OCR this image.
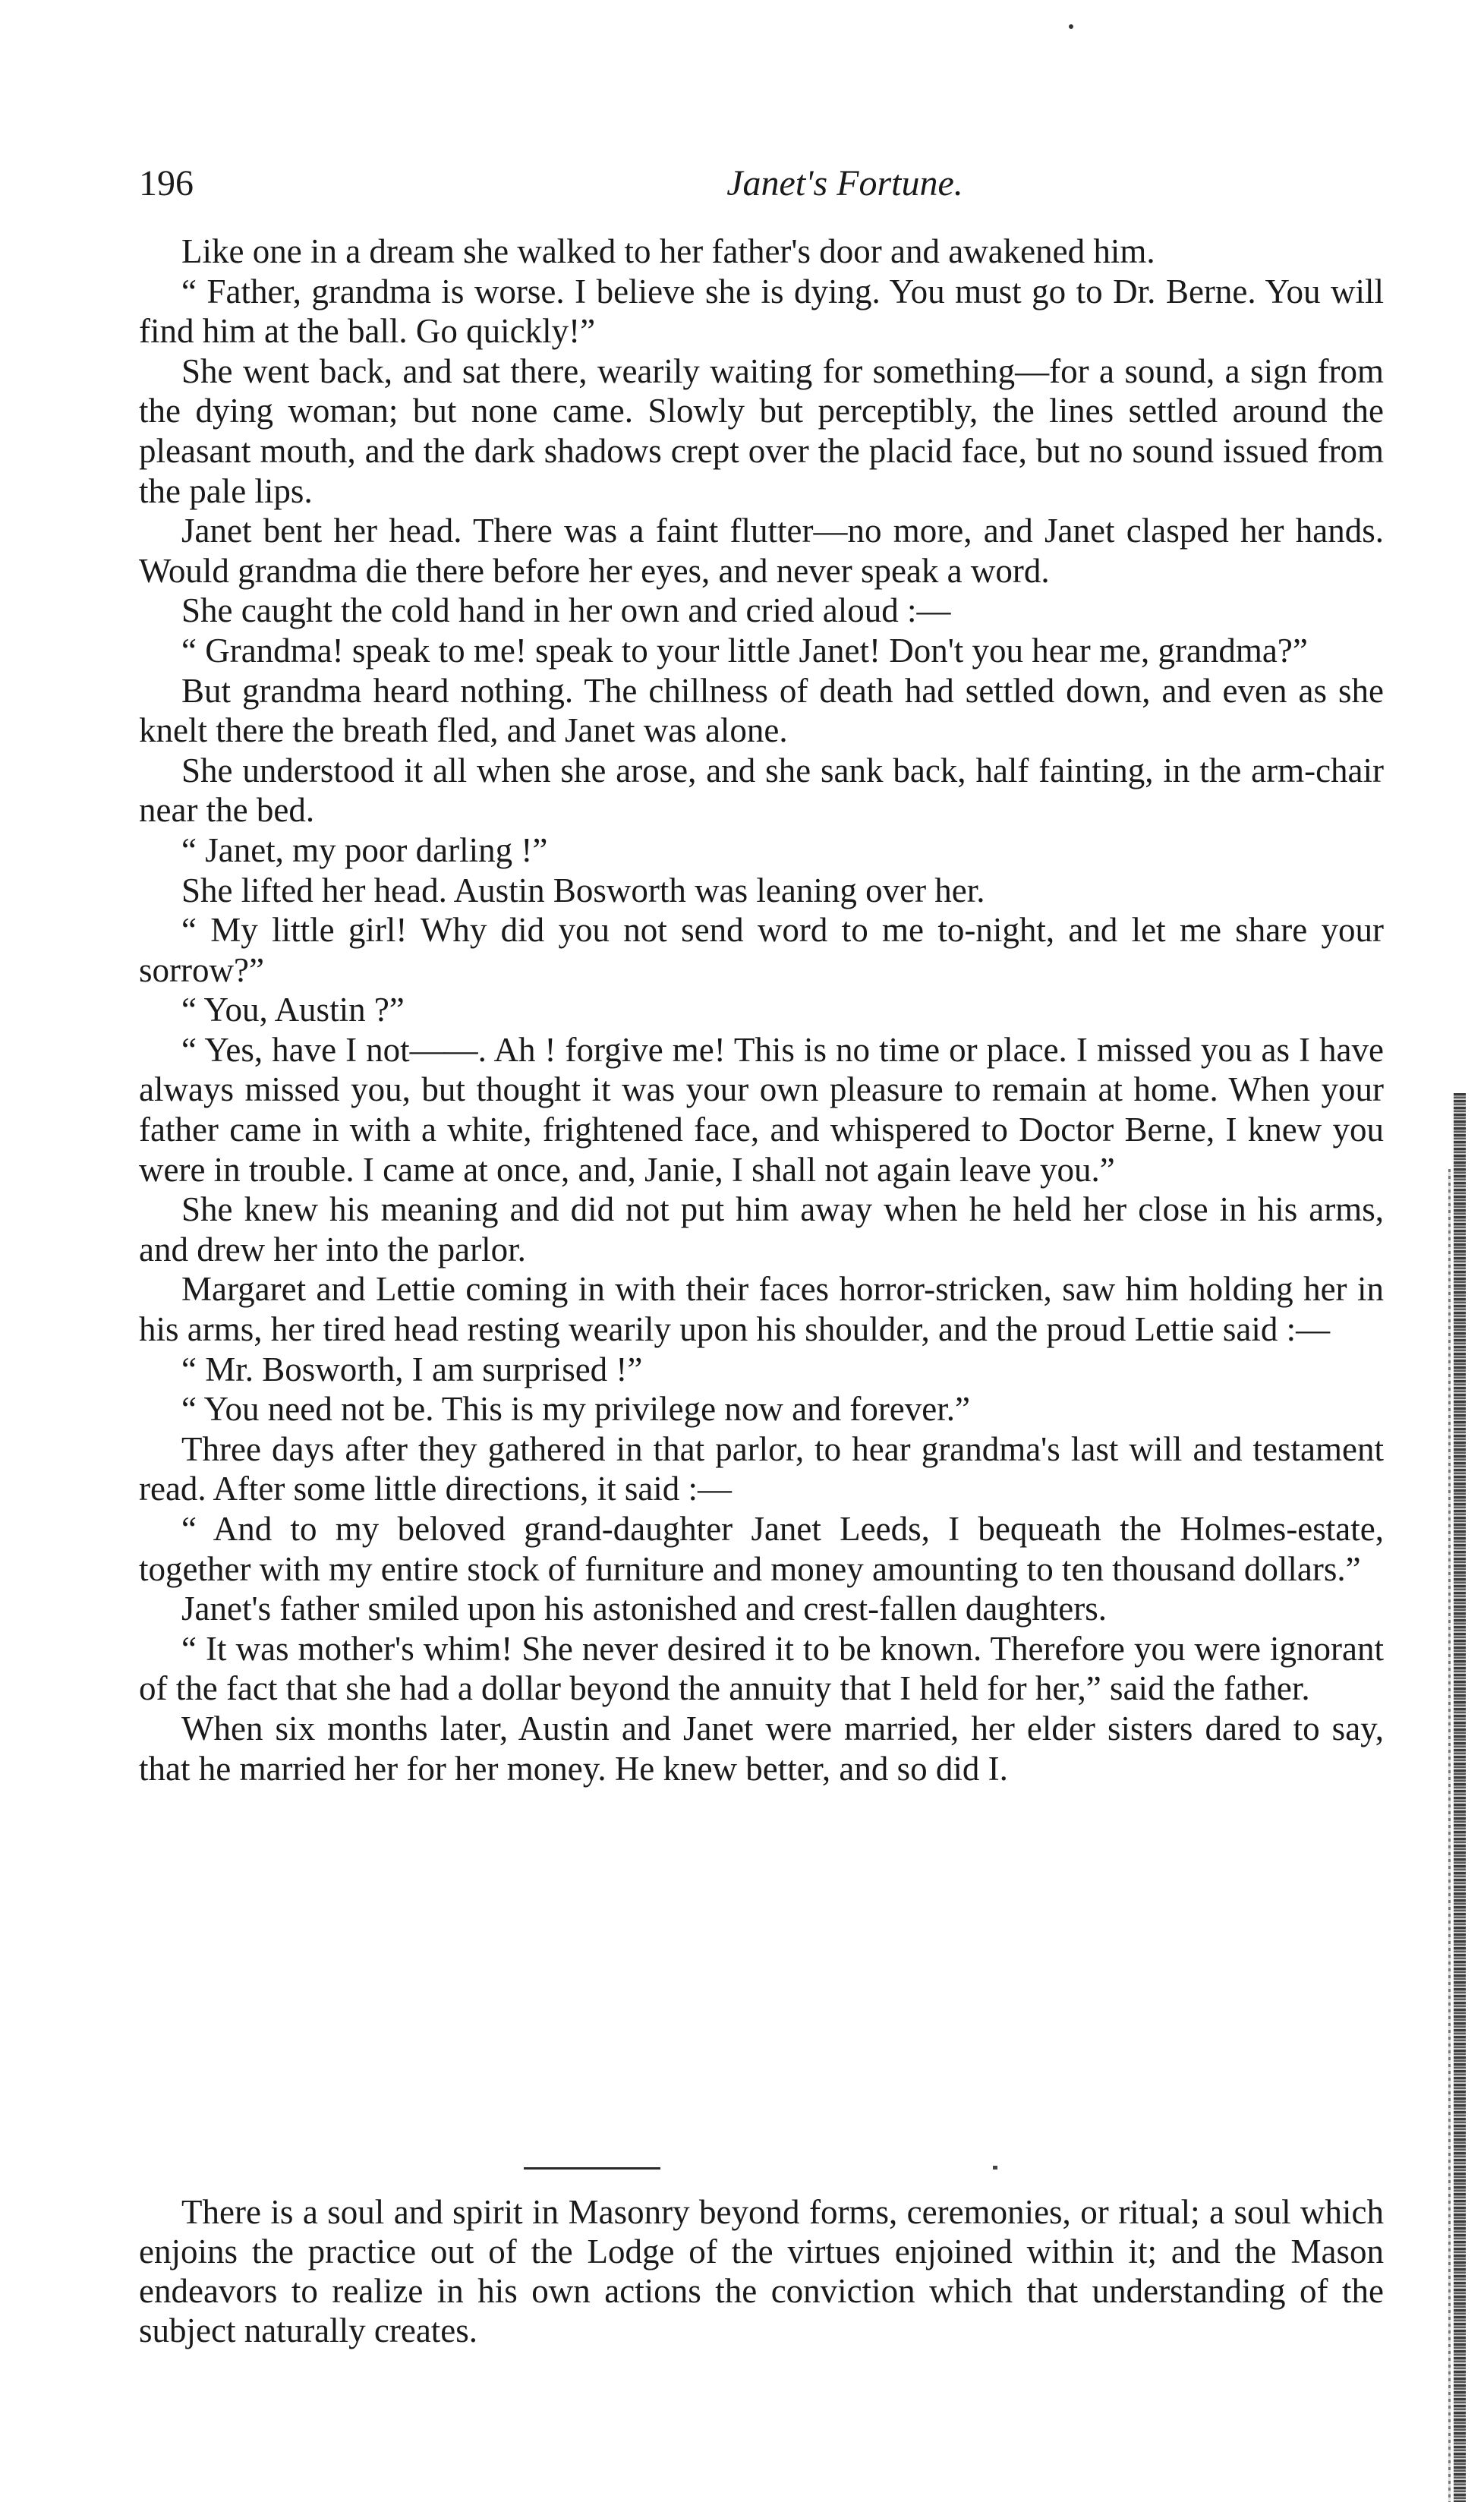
196	Janet's Fortune.

Like one in a dream she walked to her father's door and awakened him.

“ Father, grandma is worse. I believe she is dying. You must go to Dr. Berne. You will find him at the ball. Go quickly!”

She went back, and sat there, wearily waiting for something—for a sound, a sign from the dying woman; but none came. Slowly but perceptibly, the lines settled around the pleasant mouth, and the dark shadows crept over the placid face, but no sound issued from the pale lips.

Janet bent her head. There was a faint flutter—no more, and Janet clasped her hands. Would grandma die there before her eyes, and never speak a word.

She caught the cold hand in her own and cried aloud :—

“ Grandma! speak to me! speak to your little Janet! Don't you hear me, grandma?”

But grandma heard nothing. The chillness of death had settled down, and even as she knelt there the breath fled, and Janet was alone.

She understood it all when she arose, and she sank back, half fainting, in the arm-chair near the bed.

“ Janet, my poor darling !”

She lifted her head. Austin Bosworth was leaning over her.

“ My little girl! Why did you not send word to me to-night, and let me share your sorrow?”

“ You, Austin ?”

“ Yes, have I not——. Ah ! forgive me! This is no time or place. I missed you as I have always missed you, but thought it was your own pleasure to remain at home. When your father came in with a white, frightened face, and whispered to Doctor Berne, I knew you were in trouble. I came at once, and, Janie, I shall not again leave you.”

She knew his meaning and did not put him away when he held her close in his arms, and drew her into the parlor.

Margaret and Lettie coming in with their faces horror-stricken, saw him holding her in his arms, her tired head resting wearily upon his shoulder, and the proud Lettie said :—

“ Mr. Bosworth, I am surprised !”

“ You need not be. This is my privilege now and forever.”

Three days after they gathered in that parlor, to hear grandma's last will and testament read. After some little directions, it said :—

“ And to my beloved grand-daughter Janet Leeds, I bequeath the Holmes-estate, together with my entire stock of furniture and money amounting to ten thousand dollars.”

Janet's father smiled upon his astonished and crest-fallen daughters.

“ It was mother's whim! She never desired it to be known. Therefore you were ignorant of the fact that she had a dollar beyond the annuity that I held for her,” said the father.

When six months later, Austin and Janet were married, her elder sisters dared to say, that he married her for her money. He knew better, and so did I.

There is a soul and spirit in Masonry beyond forms, ceremonies, or ritual; a soul which enjoins the practice out of the Lodge of the virtues enjoined within it; and the Mason endeavors to realize in his own actions the conviction which that understanding of the subject naturally creates.
